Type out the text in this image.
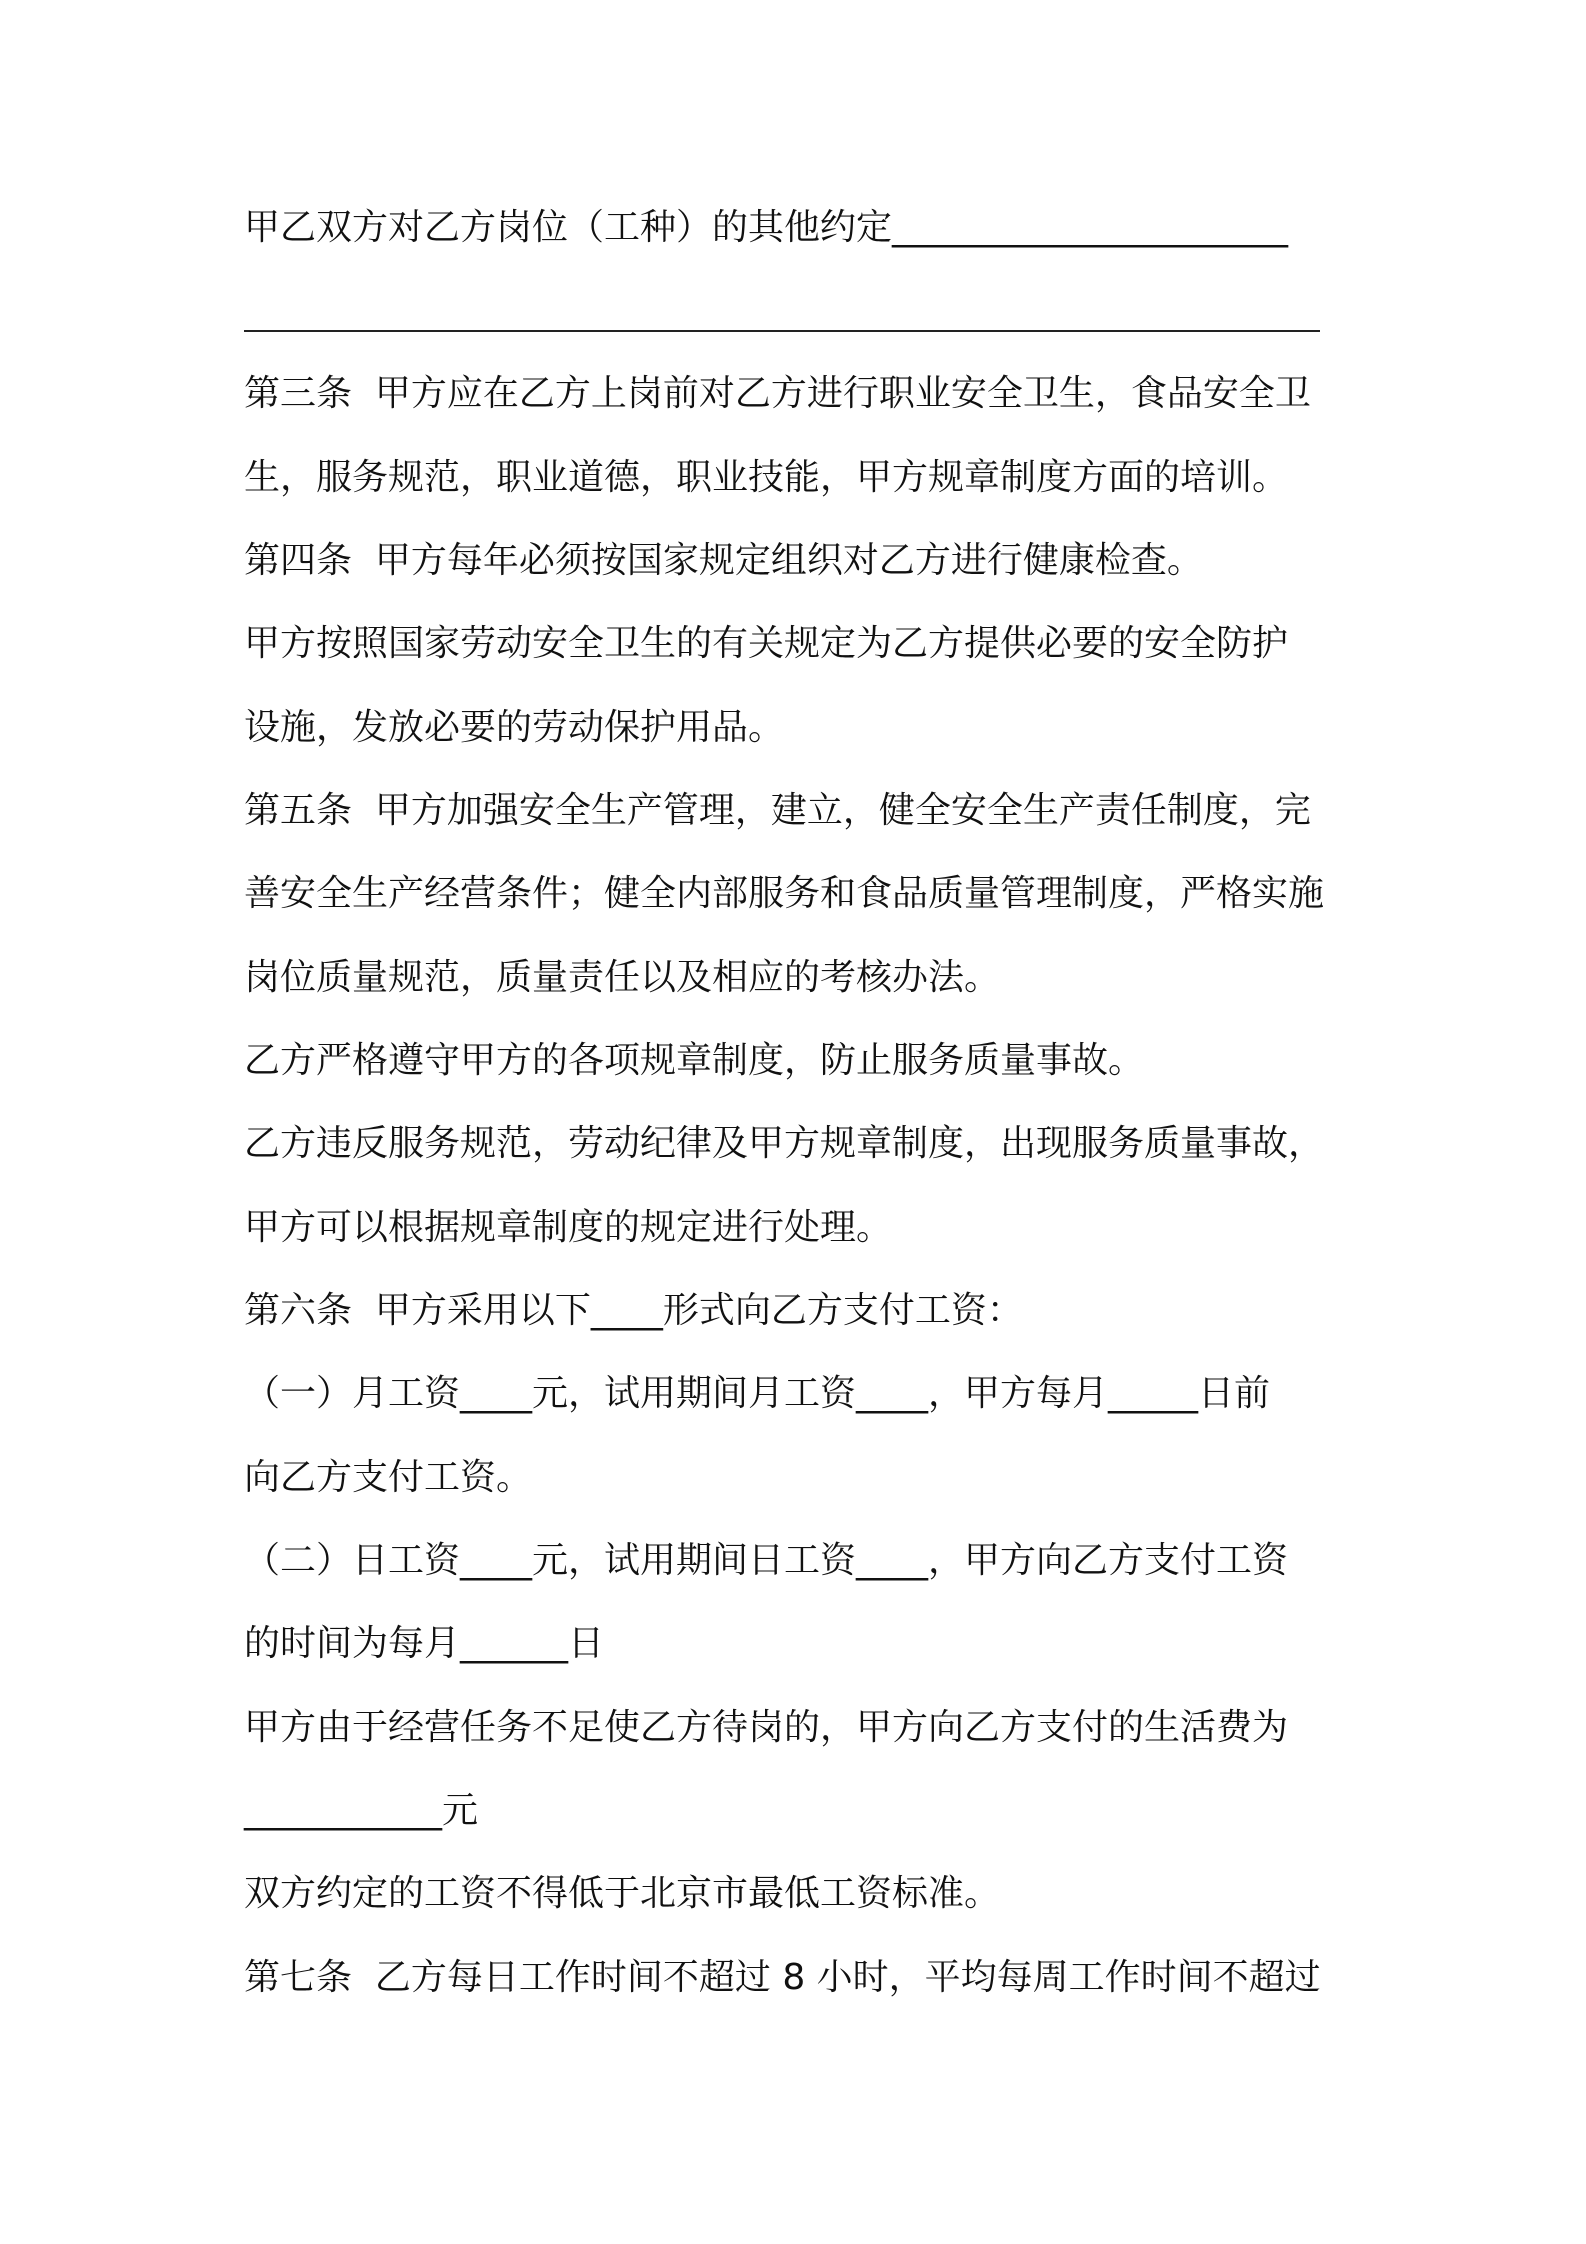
甲乙双方对乙方岗位（工种）的其他约定______________________
第三条  甲方应在乙方上岗前对乙方进行职业安全卫生，食品安全卫
生，服务规范，职业道德，职业技能，甲方规章制度方面的培训。
第四条  甲方每年必须按国家规定组织对乙方进行健康检查。
甲方按照国家劳动安全卫生的有关规定为乙方提供必要的安全防护
设施，发放必要的劳动保护用品。
第五条  甲方加强安全生产管理，建立，健全安全生产责任制度，完
善安全生产经营条件；健全内部服务和食品质量管理制度，严格实施
岗位质量规范，质量责任以及相应的考核办法。
乙方严格遵守甲方的各项规章制度，防止服务质量事故。
乙方违反服务规范，劳动纪律及甲方规章制度，出现服务质量事故，
甲方可以根据规章制度的规定进行处理。
第六条  甲方采用以下____形式向乙方支付工资：
（一）月工资____元，试用期间月工资____，甲方每月_____日前
向乙方支付工资。
（二）日工资____元，试用期间日工资____，甲方向乙方支付工资
的时间为每月______日
甲方由于经营任务不足使乙方待岗的，甲方向乙方支付的生活费为
___________元
双方约定的工资不得低于北京市最低工资标准。
第七条  乙方每日工作时间不超过 8 小时，平均每周工作时间不超过
